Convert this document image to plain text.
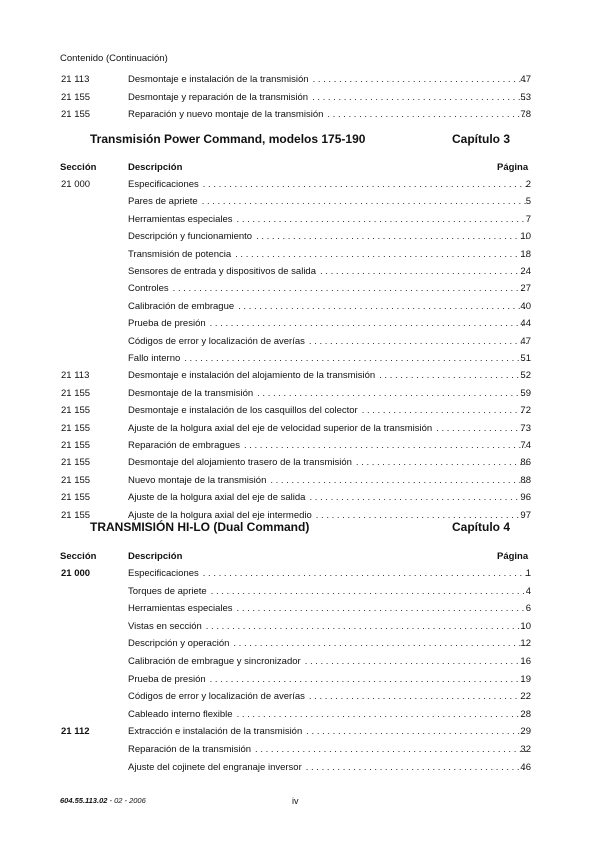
Contenido (Continuación)
21 113	Desmontaje e instalación de la transmisión . . .	47
21 155	Desmontaje y reparación de la transmisión . . .	53
21 155	Reparación y nuevo montaje de la transmisión . . .	78
Transmisión Power Command, modelos 175-190	Capítulo 3
Sección	Descripción	Página
21 000	Especificaciones . . .	2
Pares de apriete . . .	5
Herramientas especiales . . .	7
Descripción y funcionamiento . . .	10
Transmisión de potencia . . .	18
Sensores de entrada y dispositivos de salida . . .	24
Controles . . .	27
Calibración de embrague . . .	40
Prueba de presión . . .	44
Códigos de error y localización de averías . . .	47
Fallo interno . . .	51
21 113	Desmontaje e instalación del alojamiento de la transmisión . . .	52
21 155	Desmontaje de la transmisión . . .	59
21 155	Desmontaje e instalación de los casquillos del colector . . .	72
21 155	Ajuste de la holgura axial del eje de velocidad superior de la transmisión . . .	73
21 155	Reparación de embragues . . .	74
21 155	Desmontaje del alojamiento trasero de la transmisión . . .	86
21 155	Nuevo montaje de la transmisión . . .	88
21 155	Ajuste de la holgura axial del eje de salida . . .	96
21 155	Ajuste de la holgura axial del eje intermedio . . .	97
TRANSMISIÓN HI-LO (Dual Command)	Capítulo 4
Sección	Descripción	Página
21 000	Especificaciones . . .	1
Torques de apriete . . .	4
Herramientas especiales . . .	6
Vistas en sección . . .	10
Descripción y operación . . .	12
Calibración de embrague y sincronizador . . .	16
Prueba de presión . . .	19
Códigos de error y localización de averías . . .	22
Cableado interno flexible . . .	28
21 112	Extracción e instalación de la transmisión . . .	29
Reparación de la transmisión . . .	32
Ajuste del cojinete del engranaje inversor . . .	46
604.55.113.02 - 02 - 2006	iv
